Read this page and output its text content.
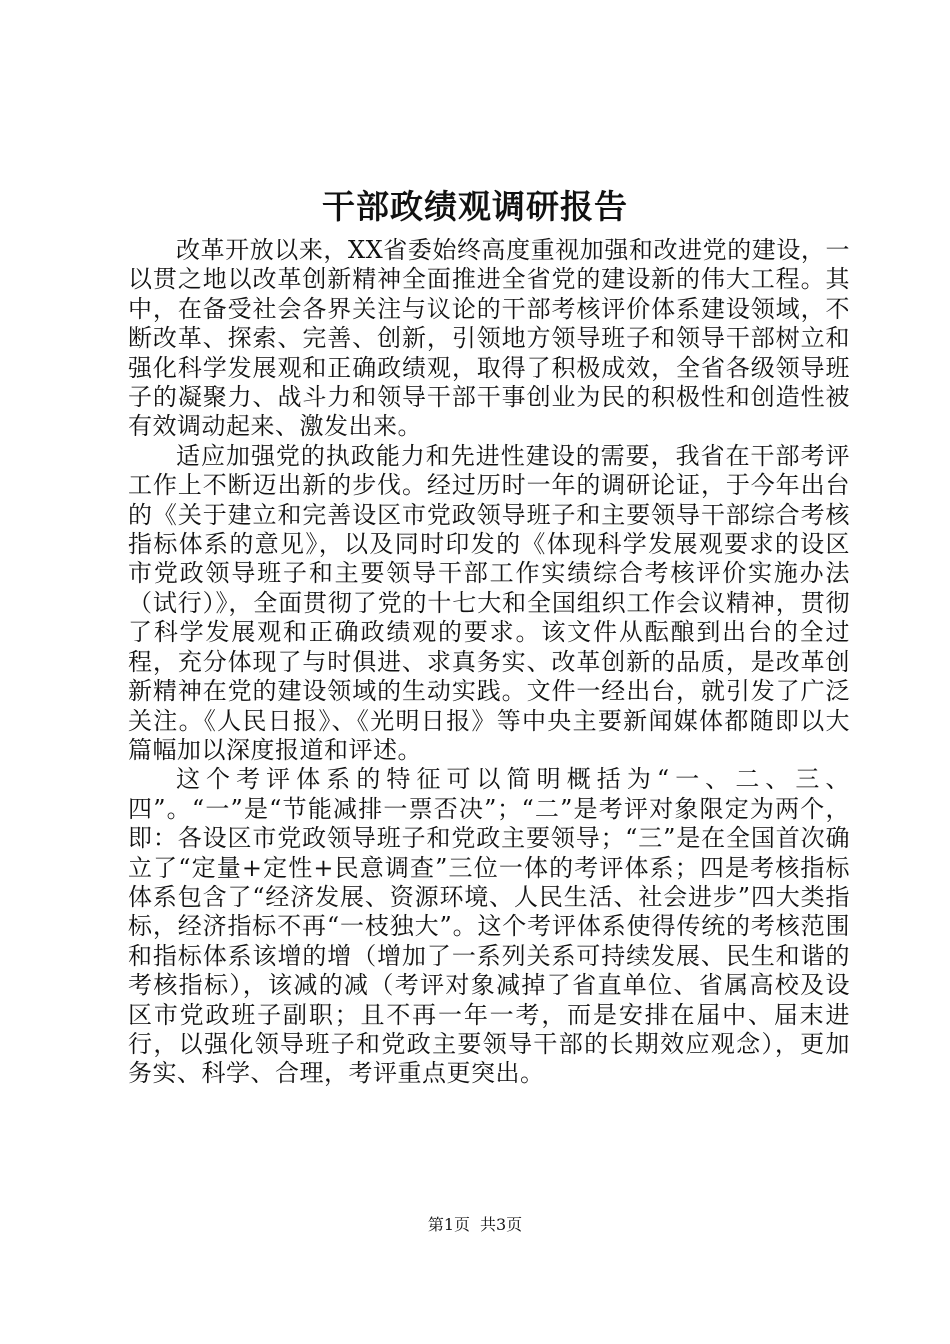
干部政绩观调研报告

改革开放以来，XX省委始终高度重视加强和改进党的建设，一以贯之地以改革创新精神全面推进全省党的建设新的伟大工程。其中，在备受社会各界关注与议论的干部考核评价体系建设领域，不断改革、探索、完善、创新，引领地方领导班子和领导干部树立和强化科学发展观和正确政绩观，取得了积极成效，全省各级领导班子的凝聚力、战斗力和领导干部干事创业为民的积极性和创造性被有效调动起来、激发出来。

适应加强党的执政能力和先进性建设的需要，我省在干部考评工作上不断迈出新的步伐。经过历时一年的调研论证，于今年出台的《关于建立和完善设区市党政领导班子和主要领导干部综合考核指标体系的意见》，以及同时印发的《体现科学发展观要求的设区市党政领导班子和主要领导干部工作实绩综合考核评价实施办法（试行）》，全面贯彻了党的十七大和全国组织工作会议精神，贯彻了科学发展观和正确政绩观的要求。该文件从酝酿到出台的全过程，充分体现了与时俱进、求真务实、改革创新的品质，是改革创新精神在党的建设领域的生动实践。文件一经出台，就引发了广泛关注。《人民日报》、《光明日报》等中央主要新闻媒体都随即以大篇幅加以深度报道和评述。

这个考评体系的特征可以简明概括为“一、二、三、四”。“一”是“节能减排一票否决”；“二”是考评对象限定为两个，即：各设区市党政领导班子和党政主要领导；“三”是在全国首次确立了“定量+定性+民意调查”三位一体的考评体系；四是考核指标体系包含了“经济发展、资源环境、人民生活、社会进步”四大类指标，经济指标不再“一枝独大”。这个考评体系使得传统的考核范围和指标体系该增的增（增加了一系列关系可持续发展、民生和谐的考核指标），该减的减（考评对象减掉了省直单位、省属高校及设区市党政班子副职；且不再一年一考，而是安排在届中、届末进行，以强化领导班子和党政主要领导干部的长期效应观念），更加务实、科学、合理，考评重点更突出。

第1页 共3页
